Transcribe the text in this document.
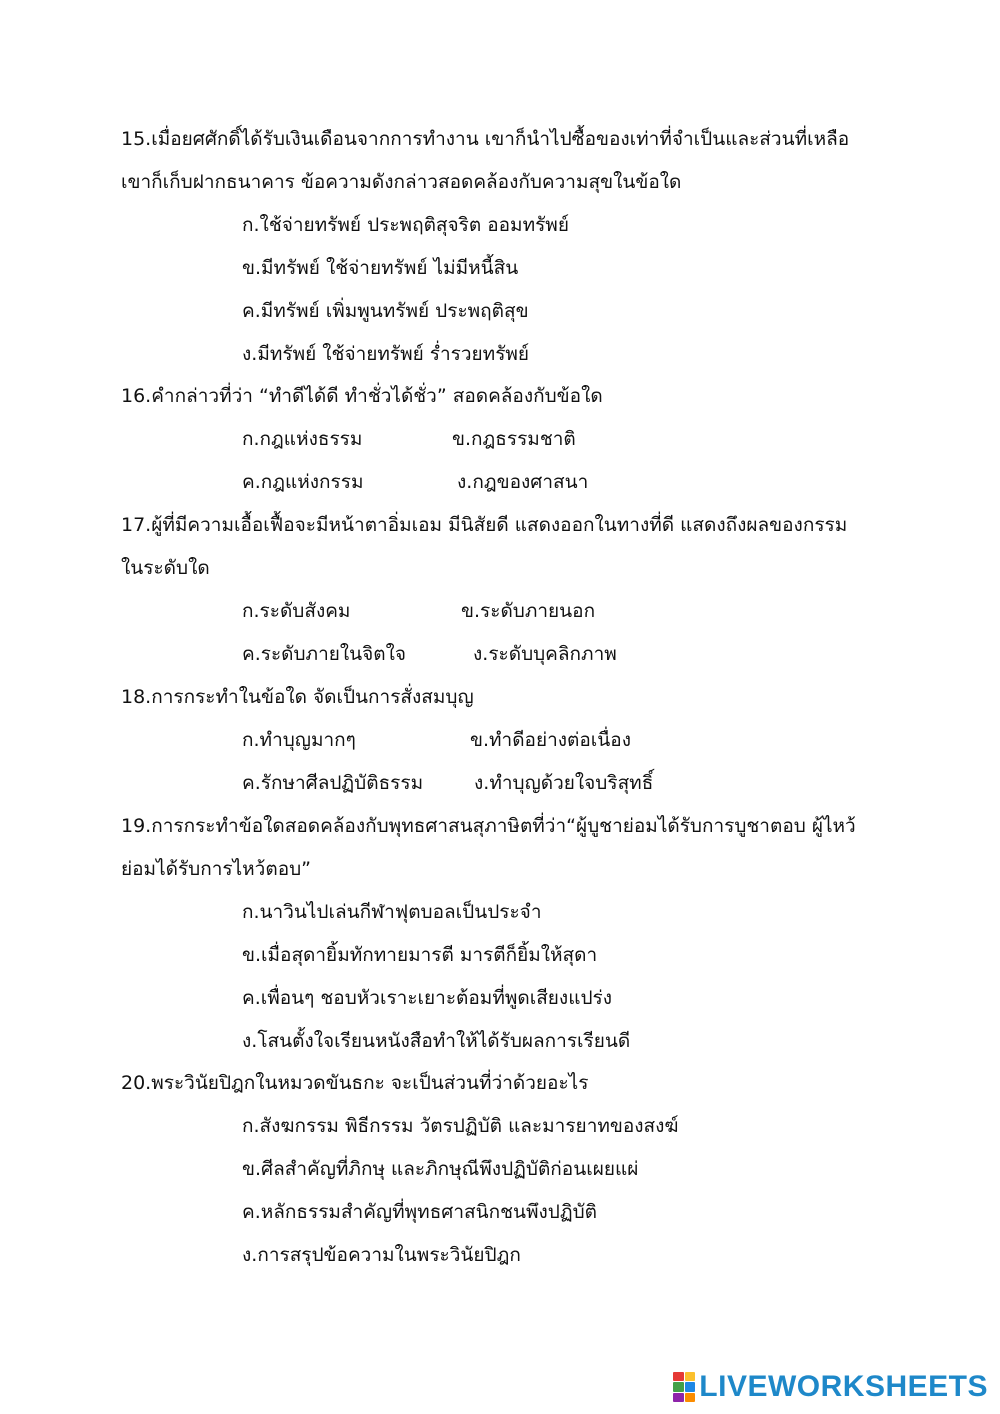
15.เมื่อยศศักดิ์ได้รับเงินเดือนจากการทำงาน เขาก็นำไปซื้อของเท่าที่จำเป็นและส่วนที่เหลือ
เขาก็เก็บฝากธนาคาร ข้อความดังกล่าวสอดคล้องกับความสุขในข้อใด
ก.ใช้จ่ายทรัพย์ ประพฤติสุจริต ออมทรัพย์
ข.มีทรัพย์ ใช้จ่ายทรัพย์ ไม่มีหนี้สิน
ค.มีทรัพย์ เพิ่มพูนทรัพย์ ประพฤติสุข
ง.มีทรัพย์ ใช้จ่ายทรัพย์ ร่ำรวยทรัพย์
16.คำกล่าวที่ว่า “ทำดีได้ดี ทำชั่วได้ชั่ว” สอดคล้องกับข้อใด
ก.กฎแห่งธรรม	ข.กฎธรรมชาติ
ค.กฎแห่งกรรม	ง.กฎของศาสนา
17.ผู้ที่มีความเอื้อเฟื้อจะมีหน้าตาอิ่มเอม มีนิสัยดี แสดงออกในทางที่ดี แสดงถึงผลของกรรม
ในระดับใด
ก.ระดับสังคม	ข.ระดับภายนอก
ค.ระดับภายในจิตใจ	ง.ระดับบุคลิกภาพ
18.การกระทำในข้อใด จัดเป็นการสั่งสมบุญ
ก.ทำบุญมากๆ	ข.ทำดีอย่างต่อเนื่อง
ค.รักษาศีลปฏิบัติธรรม	ง.ทำบุญด้วยใจบริสุทธิ์
19.การกระทำข้อใดสอดคล้องกับพุทธศาสนสุภาษิตที่ว่า“ผู้บูชาย่อมได้รับการบูชาตอบ ผู้ไหว้
ย่อมได้รับการไหว้ตอบ”
ก.นาวินไปเล่นกีฬาฟุตบอลเป็นประจำ
ข.เมื่อสุดายิ้มทักทายมารตี มารตีก็ยิ้มให้สุดา
ค.เพื่อนๆ ชอบหัวเราะเยาะต้อมที่พูดเสียงแปร่ง
ง.โสนตั้งใจเรียนหนังสือทำให้ได้รับผลการเรียนดี
20.พระวินัยปิฎกในหมวดขันธกะ จะเป็นส่วนที่ว่าด้วยอะไร
ก.สังฆกรรม พิธีกรรม วัตรปฏิบัติ และมารยาทของสงฆ์
ข.ศีลสำคัญที่ภิกษุ และภิกษุณีพึงปฏิบัติก่อนเผยแผ่
ค.หลักธรรมสำคัญที่พุทธศาสนิกชนพึงปฏิบัติ
ง.การสรุปข้อความในพระวินัยปิฎก
LIVEWORKSHEETS
